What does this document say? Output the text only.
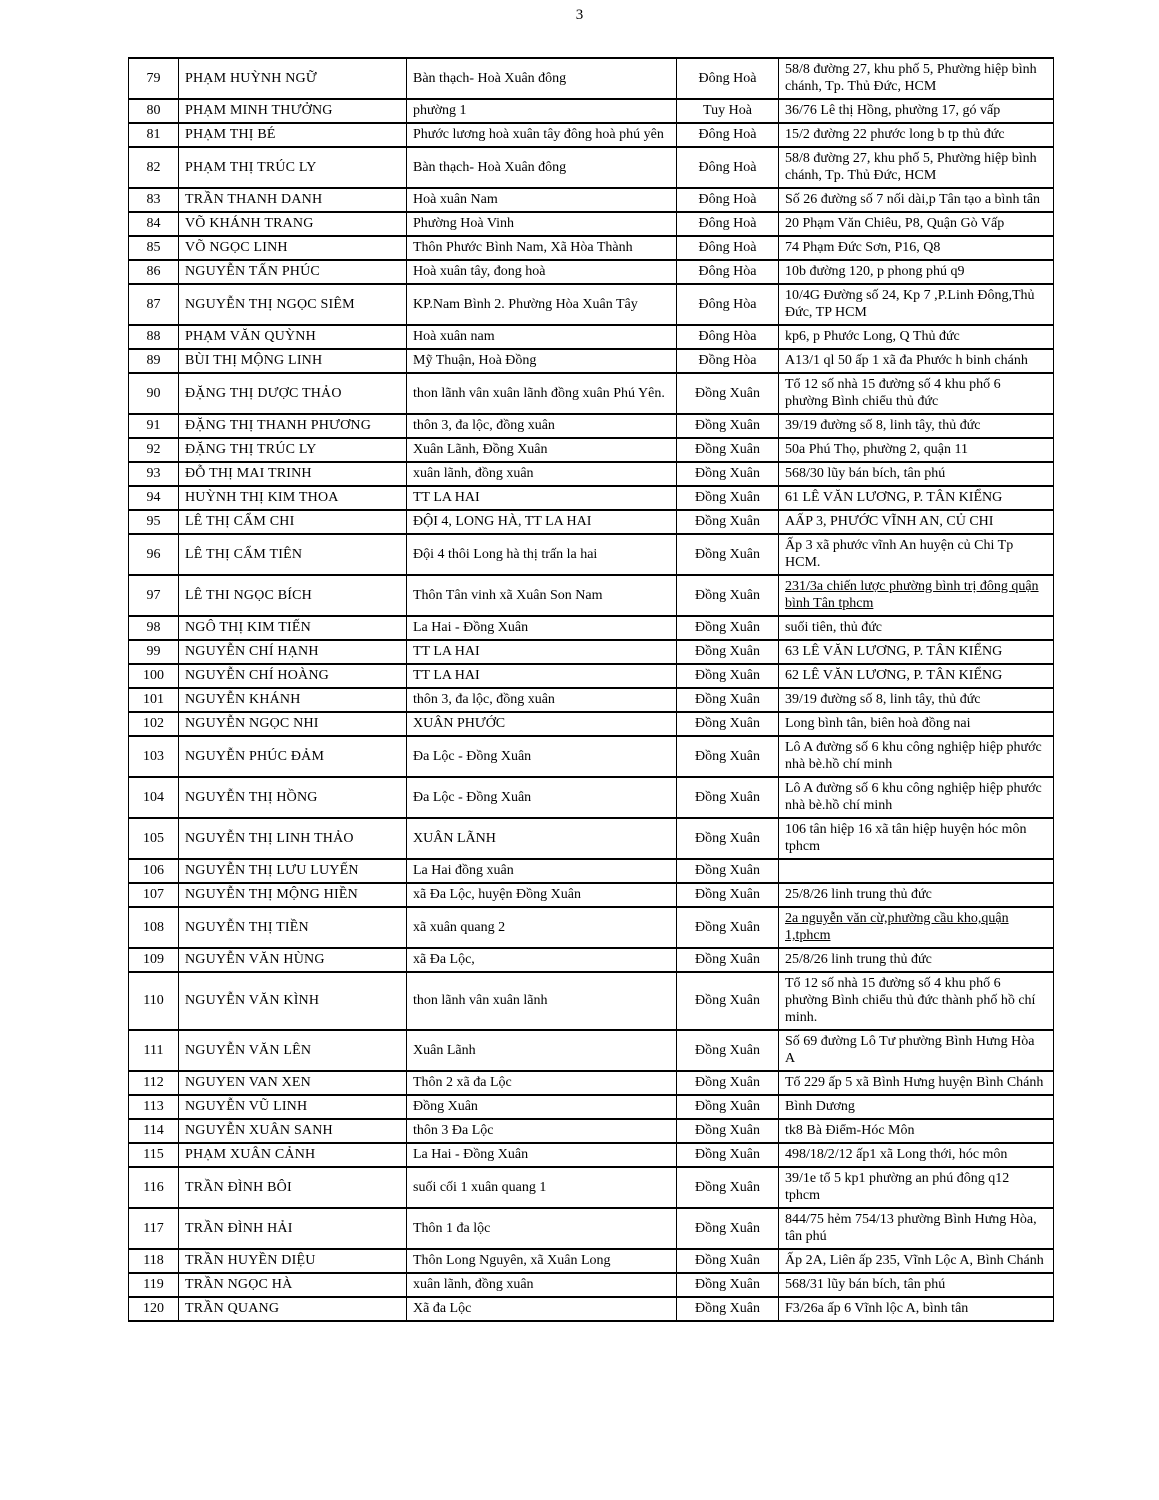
3
79	PHẠM HUỲNH NGỮ	Bàn thạch- Hoà Xuân đông	Đông Hoà	58/8 đường 27, khu phố 5, Phường hiệp bình chánh, Tp. Thủ Đức, HCM
80	PHẠM MINH THƯỞNG	phường 1	Tuy Hoà	36/76 Lê thị Hồng, phường 17, gó vấp
81	PHẠM THỊ BÉ	Phước lương hoà xuân tây đông hoà phú yên	Đông Hoà	15/2 đường 22 phước long b tp thủ đức
82	PHẠM THỊ TRÚC LY	Bàn thạch- Hoà Xuân đông	Đông Hoà	58/8 đường 27, khu phố 5, Phường hiệp bình chánh, Tp. Thủ Đức, HCM
83	TRẦN THANH DANH	Hoà xuân Nam	Đông Hoà	Số 26 đường số 7 nối dài,p Tân tạo a bình tân
84	VÕ KHÁNH TRANG	Phường Hoà Vinh	Đông Hoà	20 Phạm Văn Chiêu, P8, Quận Gò Vấp
85	VÕ NGỌC LINH	Thôn Phước Bình Nam, Xã Hòa Thành	Đông Hoà	74 Phạm Đức Sơn, P16, Q8
86	NGUYỄN TẤN PHÚC	Hoà xuân tây, đong hoà	Đông Hòa	10b đường 120, p phong phú q9
87	NGUYỄN THỊ NGỌC SIÊM	KP.Nam Bình 2. Phường Hòa Xuân Tây	Đông Hòa	10/4G Đường số 24, Kp 7 ,P.Linh Đông,Thủ Đức, TP HCM
88	PHẠM VĂN QUỲNH	Hoà xuân nam	Đông Hòa	kp6, p Phước Long, Q Thủ đức
89	BÙI THỊ MỘNG LINH	Mỹ Thuận, Hoà Đồng	Đồng Hòa	A13/1 ql 50 ấp 1 xã đa Phước h binh chánh
90	ĐẶNG THỊ DƯỢC THẢO	thon lãnh vân xuân lãnh đồng xuân Phú Yên.	Đồng Xuân	Tổ 12 số nhà 15 đường số 4 khu phố 6 phường Bình chiểu thủ đức
91	ĐẶNG THỊ THANH PHƯƠNG	thôn 3, đa lộc, đồng xuân	Đồng Xuân	39/19 đường số 8, linh tây, thủ đức
92	ĐẶNG THỊ TRÚC LY	Xuân Lãnh, Đồng Xuân	Đồng Xuân	50a Phú Thọ, phường 2, quận 11
93	ĐỖ THỊ MAI TRINH	xuân lãnh, đồng xuân	Đồng Xuân	568/30 lũy bán bích, tân phú
94	HUỲNH THỊ KIM THOA	TT LA HAI	Đồng Xuân	61 LÊ VĂN LƯƠNG, P. TÂN KIỂNG
95	LÊ THỊ CẨM CHI	ĐỘI 4, LONG HÀ, TT LA HAI	Đồng Xuân	AẤP 3, PHƯỚC VĨNH AN, CỦ CHI
96	LÊ THỊ CẨM TIÊN	Đội 4 thôi Long hà thị trấn la hai	Đồng Xuân	Ấp 3 xã phước vĩnh An huyện củ Chi Tp HCM.
97	LÊ THI NGỌC BÍCH	Thôn Tân vinh xã Xuân Son Nam	Đồng Xuân	231/3a chiến lược phường bình trị đông quận bình Tân tphcm
98	NGÔ THỊ KIM TIẾN	La Hai - Đồng Xuân	Đồng Xuân	suối tiên, thủ đức
99	NGUYỄN CHÍ HẠNH	TT LA HAI	Đồng Xuân	63 LÊ VĂN LƯƠNG, P. TÂN KIỂNG
100	NGUYỄN CHÍ HOÀNG	TT LA HAI	Đồng Xuân	62 LÊ VĂN LƯƠNG, P. TÂN KIỂNG
101	NGUYỄN KHÁNH	thôn 3, đa lộc, đồng xuân	Đồng Xuân	39/19 đường số 8, linh tây, thủ đức
102	NGUYỄN NGỌC NHI	XUÂN PHƯỚC	Đồng Xuân	Long bình tân, biên hoà đồng nai
103	NGUYỄN PHÚC ĐẢM	Đa Lộc - Đồng Xuân	Đồng Xuân	Lô A đường số 6 khu công nghiệp hiệp phước nhà bè.hồ chí minh
104	NGUYỄN THỊ HỒNG	Đa Lộc - Đồng Xuân	Đồng Xuân	Lô A đường số 6 khu công nghiệp hiệp phước nhà bè.hồ chí minh
105	NGUYỄN THỊ LINH THẢO	XUÂN LÃNH	Đồng Xuân	106 tân hiệp 16 xã tân hiệp huyện hóc môn tphcm
106	NGUYỄN THỊ LƯU LUYẾN	La Hai đồng xuân	Đồng Xuân	
107	NGUYỄN THỊ MỘNG HIỀN	xã Đa Lộc, huyện Đồng Xuân	Đồng Xuân	25/8/26 linh trung thủ đức
108	NGUYỄN THỊ TIỀN	xã xuân quang 2	Đồng Xuân	2a nguyễn văn cừ,phường cầu kho,quận 1,tphcm
109	NGUYỄN VĂN HÙNG	xã Đa Lộc,	Đồng Xuân	25/8/26 linh trung thủ đức
110	NGUYỄN VĂN KÌNH	thon lãnh vân xuân lãnh	Đồng Xuân	Tổ 12 số nhà 15 đường số 4 khu phố 6 phường Bình chiểu thủ đức thành phố hồ chí minh.
111	NGUYỄN VĂN LÊN	Xuân Lãnh	Đồng Xuân	Số 69 đường Lô Tư phường Bình Hưng Hòa A
112	NGUYEN VAN XEN	Thôn 2 xã đa Lộc	Đồng Xuân	Tổ 229 ấp 5 xã Bình Hưng huyện Bình Chánh
113	NGUYỄN VŨ LINH	Đồng Xuân	Đồng Xuân	Bình Dương
114	NGUYỄN XUÂN SANH	thôn 3 Đa Lộc	Đồng Xuân	tk8 Bà Điểm-Hóc Môn
115	PHẠM XUÂN CẢNH	La Hai - Đồng Xuân	Đồng Xuân	498/18/2/12 ấp1 xã Long thới, hóc môn
116	TRẦN ĐÌNH BÔI	suối cối 1 xuân quang 1	Đồng Xuân	39/1e tổ 5 kp1 phường an phú đông q12 tphcm
117	TRẦN ĐÌNH HẢI	Thôn 1 đa lộc	Đồng Xuân	844/75 hẻm 754/13 phường Bình Hưng Hòa, tân phú
118	TRẦN HUYỀN DIỆU	Thôn Long Nguyên, xã Xuân Long	Đồng Xuân	Ấp 2A, Liên ấp 235, Vĩnh Lộc A, Bình Chánh
119	TRẦN NGỌC HÀ	xuân lãnh, đồng xuân	Đồng Xuân	568/31 lũy bán bích, tân phú
120	TRẦN QUANG	Xã đa Lộc	Đồng Xuân	F3/26a ấp 6 Vĩnh lộc A, bình tân
